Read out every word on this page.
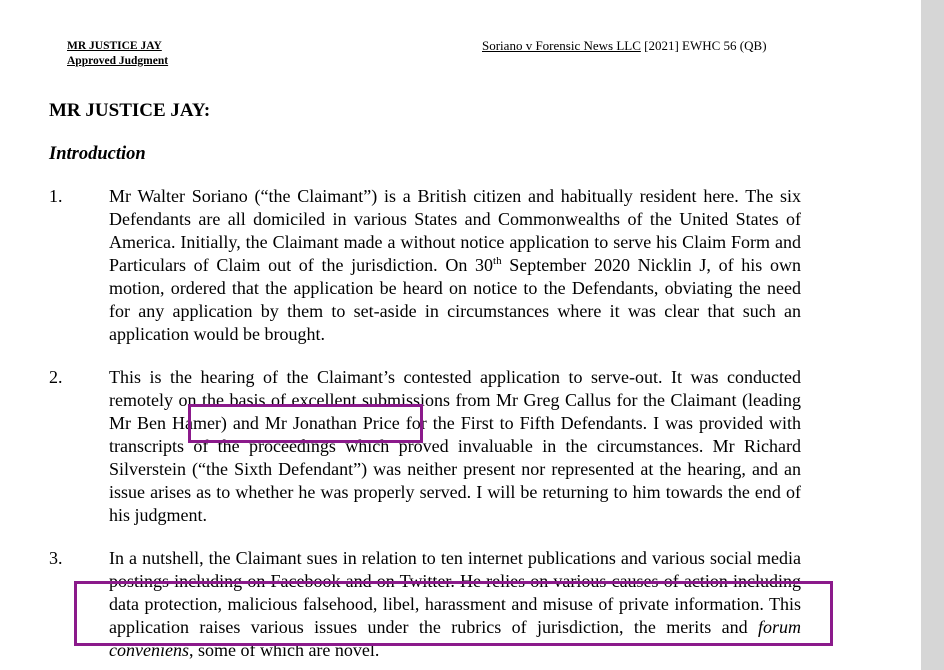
MR JUSTICE JAY
Approved Judgment
Soriano v Forensic News LLC [2021] EWHC 56 (QB)
MR JUSTICE JAY:
Introduction
1.	Mr Walter Soriano (“the Claimant”) is a British citizen and habitually resident here. The six Defendants are all domiciled in various States and Commonwealths of the United States of America. Initially, the Claimant made a without notice application to serve his Claim Form and Particulars of Claim out of the jurisdiction. On 30th September 2020 Nicklin J, of his own motion, ordered that the application be heard on notice to the Defendants, obviating the need for any application by them to set-aside in circumstances where it was clear that such an application would be brought.
2.	This is the hearing of the Claimant’s contested application to serve-out. It was conducted remotely on the basis of excellent submissions from Mr Greg Callus for the Claimant (leading Mr Ben Hamer) and Mr Jonathan Price for the First to Fifth Defendants. I was provided with transcripts of the proceedings which proved invaluable in the circumstances. Mr Richard Silverstein (“the Sixth Defendant”) was neither present nor represented at the hearing, and an issue arises as to whether he was properly served. I will be returning to him towards the end of his judgment.
3.	In a nutshell, the Claimant sues in relation to ten internet publications and various social media postings including on Facebook and on Twitter. He relies on various causes of action including data protection, malicious falsehood, libel, harassment and misuse of private information. This application raises various issues under the rubrics of jurisdiction, the merits and forum conveniens, some of which are novel.
